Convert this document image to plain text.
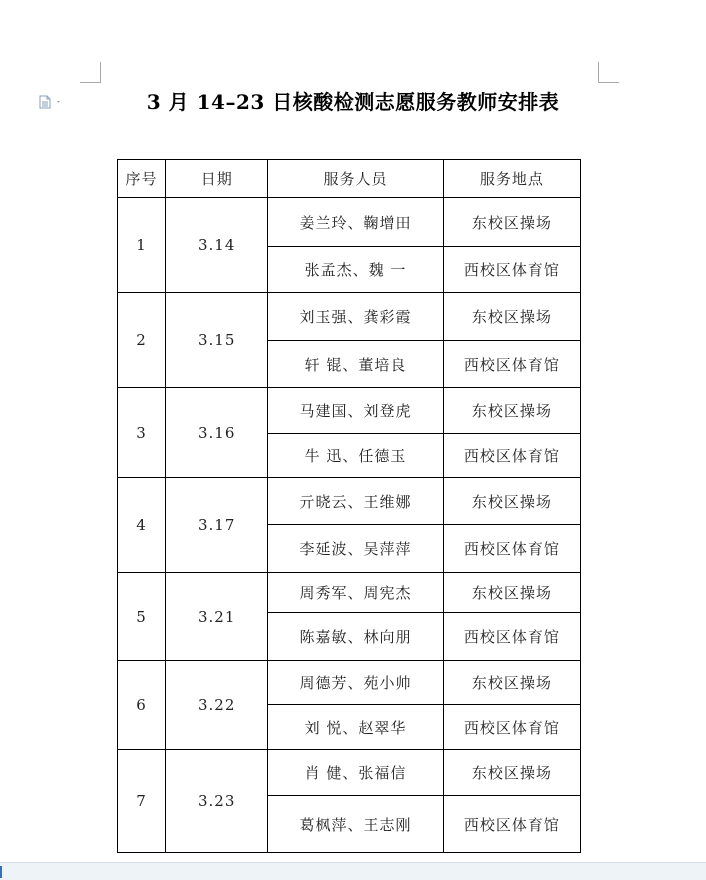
3 月 14–23 日核酸检测志愿服务教师安排表
序号	日期	服务人员	服务地点
1	3.14	姜兰玲、鞠增田	东校区操场
		张孟杰、魏 一	西校区体育馆
2	3.15	刘玉强、龚彩霞	东校区操场
		轩 锟、董培良	西校区体育馆
3	3.16	马建国、刘登虎	东校区操场
		牛 迅、任德玉	西校区体育馆
4	3.17	亓晓云、王维娜	东校区操场
		李延波、吴萍萍	西校区体育馆
5	3.21	周秀军、周宪杰	东校区操场
		陈嘉敏、林向朋	西校区体育馆
6	3.22	周德芳、苑小帅	东校区操场
		刘 悦、赵翠华	西校区体育馆
7	3.23	肖 健、张福信	东校区操场
		葛枫萍、王志刚	西校区体育馆
